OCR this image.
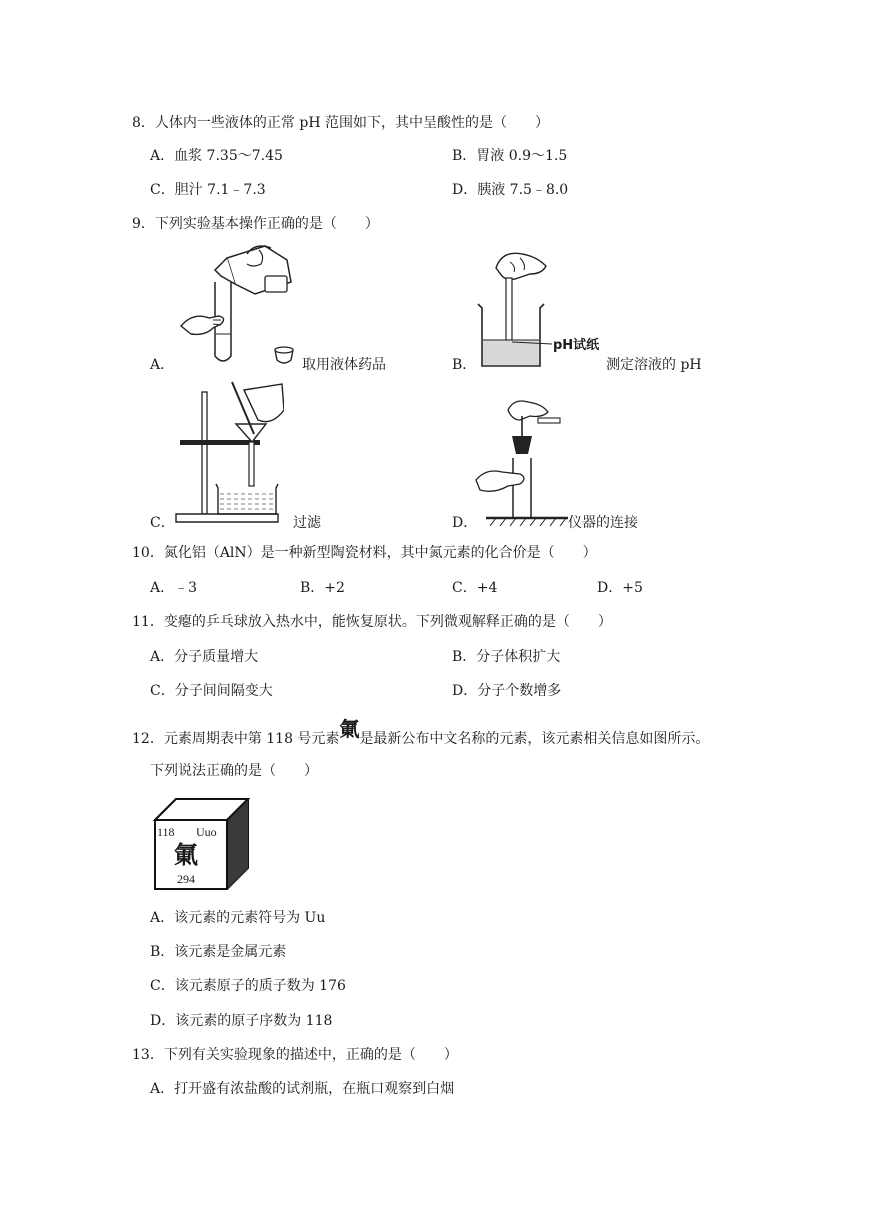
8．人体内一些液体的正常 pH 范围如下，其中呈酸性的是（　　）
A．血浆 7.35～7.45	B．胃液 0.9～1.5
C．胆汁 7.1﹣7.3	D．胰液 7.5﹣8.0
9．下列实验基本操作正确的是（　　）
A．	取用液体药品
pH试纸
B．	测定溶液的 pH
C．	过滤	D．	仪器的连接
10．氮化铝（AlN）是一种新型陶瓷材料，其中氮元素的化合价是（　　）
A．﹣3	B．+2	C．+4	D．+5
11．变瘪的乒乓球放入热水中，能恢复原状。下列微观解释正确的是（　　）
A．分子质量增大	B．分子体积扩大
C．分子间间隔变大	D．分子个数增多
12．元素周期表中第 118 号元素氭是最新公布中文名称的元素，该元素相关信息如图所示。
下列说法正确的是（　　）
118 Uuo
氭
294
A．该元素的元素符号为 Uu
B．该元素是金属元素
C．该元素原子的质子数为 176
D．该元素的原子序数为 118
13．下列有关实验现象的描述中，正确的是（　　）
A．打开盛有浓盐酸的试剂瓶，在瓶口观察到白烟
